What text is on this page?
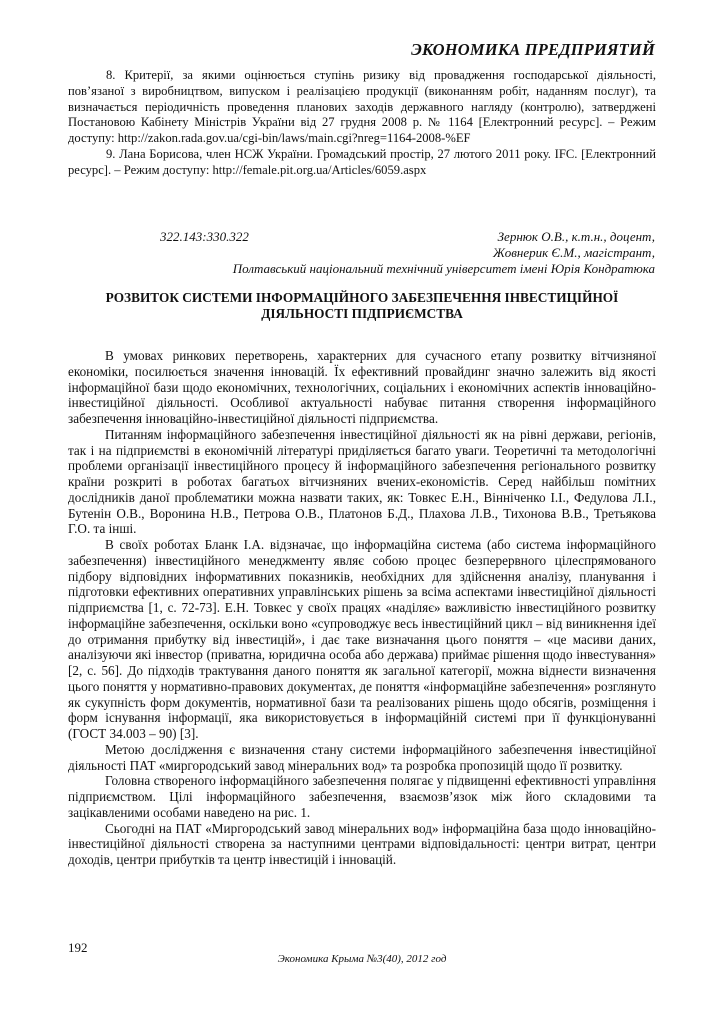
ЭКОНОМИКА ПРЕДПРИЯТИЙ

8. Критерії, за якими оцінюється ступінь ризику від провадження господарської діяльності, пов’язаної з виробництвом, випуском і реалізацією продукції (виконанням робіт, наданням послуг), та визначається періодичність проведення планових заходів державного нагляду (контролю), затверджені Постановою Кабінету Міністрів України від 27 грудня 2008 р. № 1164 [Електронний ресурс]. – Режим доступу: http://zakon.rada.gov.ua/cgi-bin/laws/main.cgi?nreg=1164-2008-%EF

9. Лана Борисова, член НСЖ України. Громадський простір, 27 лютого 2011 року. IFC. [Електронний ресурс]. – Режим доступу: http://female.pit.org.ua/Articles/6059.aspx

322.143:330.322	Зернюк О.В., к.т.н., доцент,
Жовнерик Є.М., магістрант,
Полтавський національний технічний університет імені Юрія Кондратюка
РОЗВИТОК СИСТЕМИ ІНФОРМАЦІЙНОГО ЗАБЕЗПЕЧЕННЯ ІНВЕСТИЦІЙНОЇ
ДІЯЛЬНОСТІ ПІДПРИЄМСТВА

В умовах ринкових перетворень, характерних для сучасного етапу розвитку вітчизняної економіки, посилюється значення інновацій. Їх ефективний провайдинг значно залежить від якості інформаційної бази щодо економічних, технологічних, соціальних і економічних аспектів інноваційно-інвестиційної діяльності. Особливої актуальності набуває питання створення інформаційного забезпечення інноваційно-інвестиційної діяльності підприємства.

Питанням інформаційного забезпечення інвестиційної діяльності як на рівні держави, регіонів, так і на підприємстві в економічній літературі приділяється багато уваги. Теоретичні та методологічні проблеми організації інвестиційного процесу й інформаційного забезпечення регіонального розвитку країни розкриті в роботах багатьох вітчизняних вчених-економістів. Серед найбільш помітних дослідників даної проблематики можна назвати таких, як: Товкес Е.Н., Вінніченко І.І., Федулова Л.І., Бутенін О.В., Воронина Н.В., Петрова О.В., Платонов Б.Д., Плахова Л.В., Тихонова В.В., Третьякова Г.О. та інші.

В своїх роботах Бланк І.А. відзначає, що інформаційна система (або система інформаційного забезпечення) інвестиційного менеджменту являє собою процес безперервного цілеспрямованого підбору відповідних інформативних показників, необхідних для здійснення аналізу, планування і підготовки ефективних оперативних управлінських рішень за всіма аспектами інвестиційної діяльності підприємства [1, с. 72-73]. Е.Н. Товкес у своїх працях «наділяє» важливістю інвестиційного розвитку інформаційне забезпечення, оскільки воно «супроводжує весь інвестиційний цикл – від виникнення ідеї до отримання прибутку від інвестицій», і дає таке визначання цього поняття – «це масиви даних, аналізуючи які інвестор (приватна, юридична особа або держава) приймає рішення щодо інвестування» [2, с. 56]. До підходів трактування даного поняття як загальної категорії, можна віднести визначення цього поняття у нормативно-правових документах, де поняття «інформаційне забезпечення» розглянуто як сукупність форм документів, нормативної бази та реалізованих рішень щодо обсягів, розміщення і форм існування інформації, яка використовується в інформаційній системі при її функціонуванні (ГОСТ 34.003 – 90) [3].

Метою дослідження є визначення стану системи інформаційного забезпечення інвестиційної діяльності ПАТ «миргородський завод мінеральних вод» та розробка пропозицій щодо її розвитку.

Головна створеного інформаційного забезпечення полягає у підвищенні ефективності управління підприємством. Цілі інформаційного забезпечення, взаємозв’язок між його складовими та зацікавленими особами наведено на рис. 1.

Сьогодні на ПАТ «Миргородський завод мінеральних вод» інформаційна база щодо інноваційно-інвестиційної діяльності створена за наступними центрами відповідальності: центри витрат, центри доходів, центри прибутків та центр інвестицій і інновацій.

192
Экономика Крыма №3(40), 2012 год
